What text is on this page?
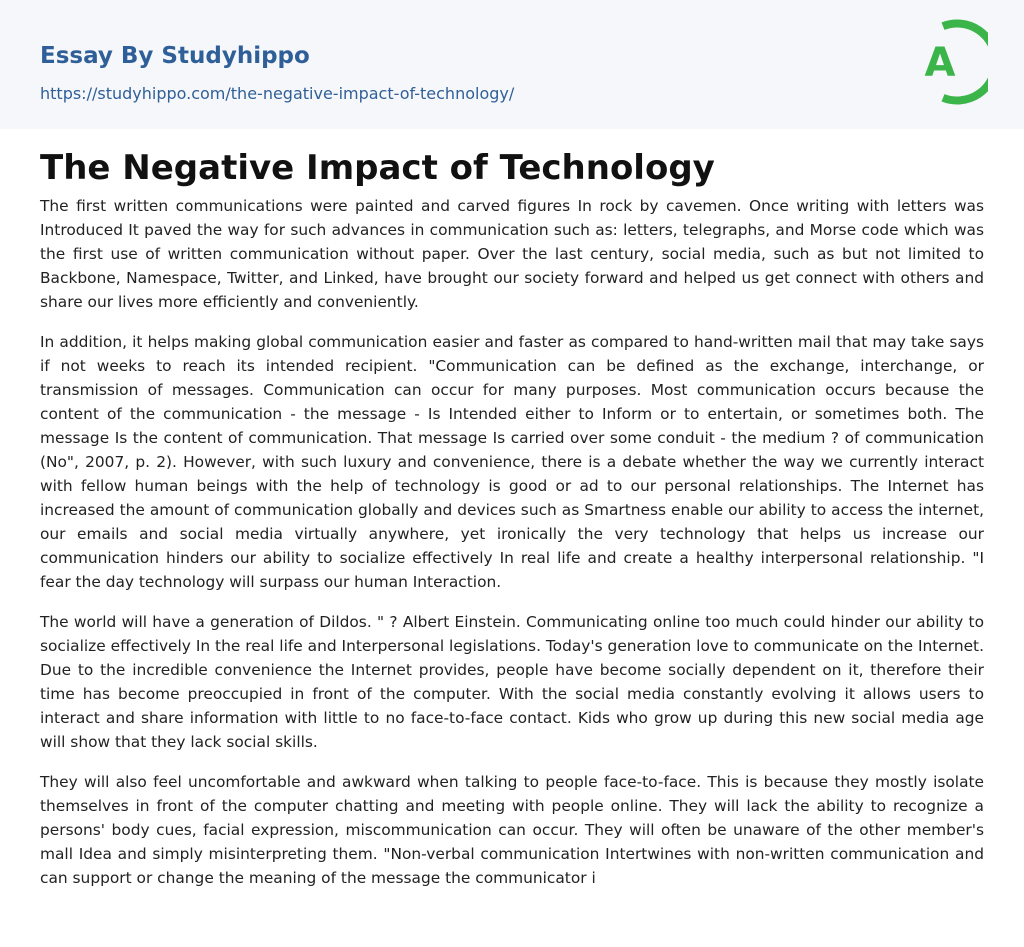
Essay By Studyhippo
https://studyhippo.com/the-negative-impact-of-technology/
A
The Negative Impact of Technology

The first written communications were painted and carved figures In rock by cavemen. Once writing with letters was Introduced It paved the way for such advances in communication such as: letters, telegraphs, and Morse code which was the first use of written communication without paper. Over the last century, social media, such as but not limited to Backbone, Namespace, Twitter, and Linked, have brought our society forward and helped us get connect with others and share our lives more efficiently and conveniently.

In addition, it helps making global communication easier and faster as compared to hand-written mail that may take says if not weeks to reach its intended recipient. "Communication can be defined as the exchange, interchange, or transmission of messages. Communication can occur for many purposes. Most communication occurs because the content of the communication - the message - Is Intended either to Inform or to entertain, or sometimes both. The message Is the content of communication. That message Is carried over some conduit - the medium ? of communication (No", 2007, p. 2). However, with such luxury and convenience, there is a debate whether the way we currently interact with fellow human beings with the help of technology is good or ad to our personal relationships. The Internet has increased the amount of communication globally and devices such as Smartness enable our ability to access the internet, our emails and social media virtually anywhere, yet ironically the very technology that helps us increase our communication hinders our ability to socialize effectively In real life and create a healthy interpersonal relationship. "I fear the day technology will surpass our human Interaction.

The world will have a generation of Dildos. " ? Albert Einstein. Communicating online too much could hinder our ability to socialize effectively In the real life and Interpersonal legislations. Today's generation love to communicate on the Internet. Due to the incredible convenience the Internet provides, people have become socially dependent on it, therefore their time has become preoccupied in front of the computer. With the social media constantly evolving it allows users to interact and share information with little to no face-to-face contact. Kids who grow up during this new social media age will show that they lack social skills.

They will also feel uncomfortable and awkward when talking to people face-to-face. This is because they mostly isolate themselves in front of the computer chatting and meeting with people online. They will lack the ability to recognize a persons' body cues, facial expression, miscommunication can occur. They will often be unaware of the other member's mall Idea and simply misinterpreting them. "Non-verbal communication Intertwines with non-written communication and can support or change the meaning of the message the communicator i
